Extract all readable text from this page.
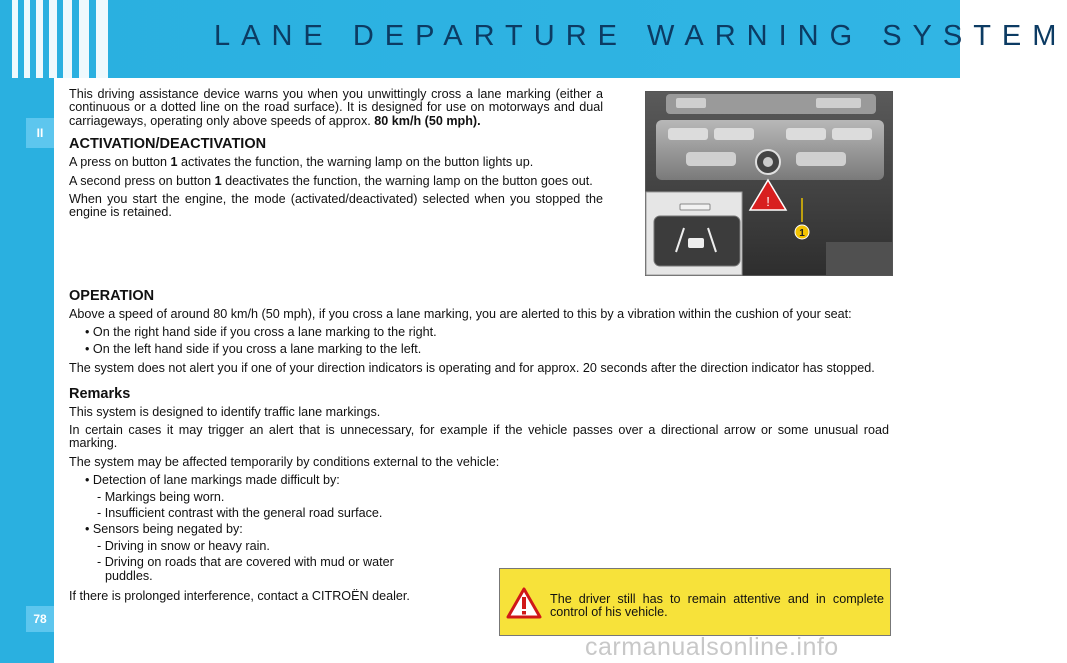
LANE DEPARTURE WARNING SYSTEM
II

This driving assistance device warns you when you unwittingly cross a lane marking (either a continuous or a dotted line on the road surface). It is designed for use on motorways and dual carriageways, operating only above speeds of approx. 80 km/h (50 mph).

ACTIVATION/DEACTIVATION

A press on button 1 activates the function, the warning lamp on the button lights up.

A second press on button 1 deactivates the function, the warning lamp on the button goes out.

When you start the engine, the mode (activated/deactivated) selected when you stopped the engine is retained.

!
1
OPERATION

Above a speed of around 80 km/h (50 mph), if you cross a lane marking, you are alerted to this by a vibration within the cushion of your seat:

• On the right hand side if you cross a lane marking to the right.

• On the left hand side if you cross a lane marking to the left.

The system does not alert you if one of your direction indicators is operating and for approx. 20 seconds after the direction indicator has stopped.

Remarks

This system is designed to identify traffic lane markings.

In certain cases it may trigger an alert that is unnecessary, for example if the vehicle passes over a directional arrow or some unusual road marking.

The system may be affected temporarily by conditions external to the vehicle:

• Detection of lane markings made difficult by:

- Markings being worn.

- Insufficient contrast with the general road surface.

• Sensors being negated by:

- Driving in snow or heavy rain.

- Driving on roads that are covered with mud or water

puddles.

If there is prolonged interference, contact a CITROËN dealer.	The driver still has to remain attentive and in complete control of his vehicle.

78
carmanualsonline.info
